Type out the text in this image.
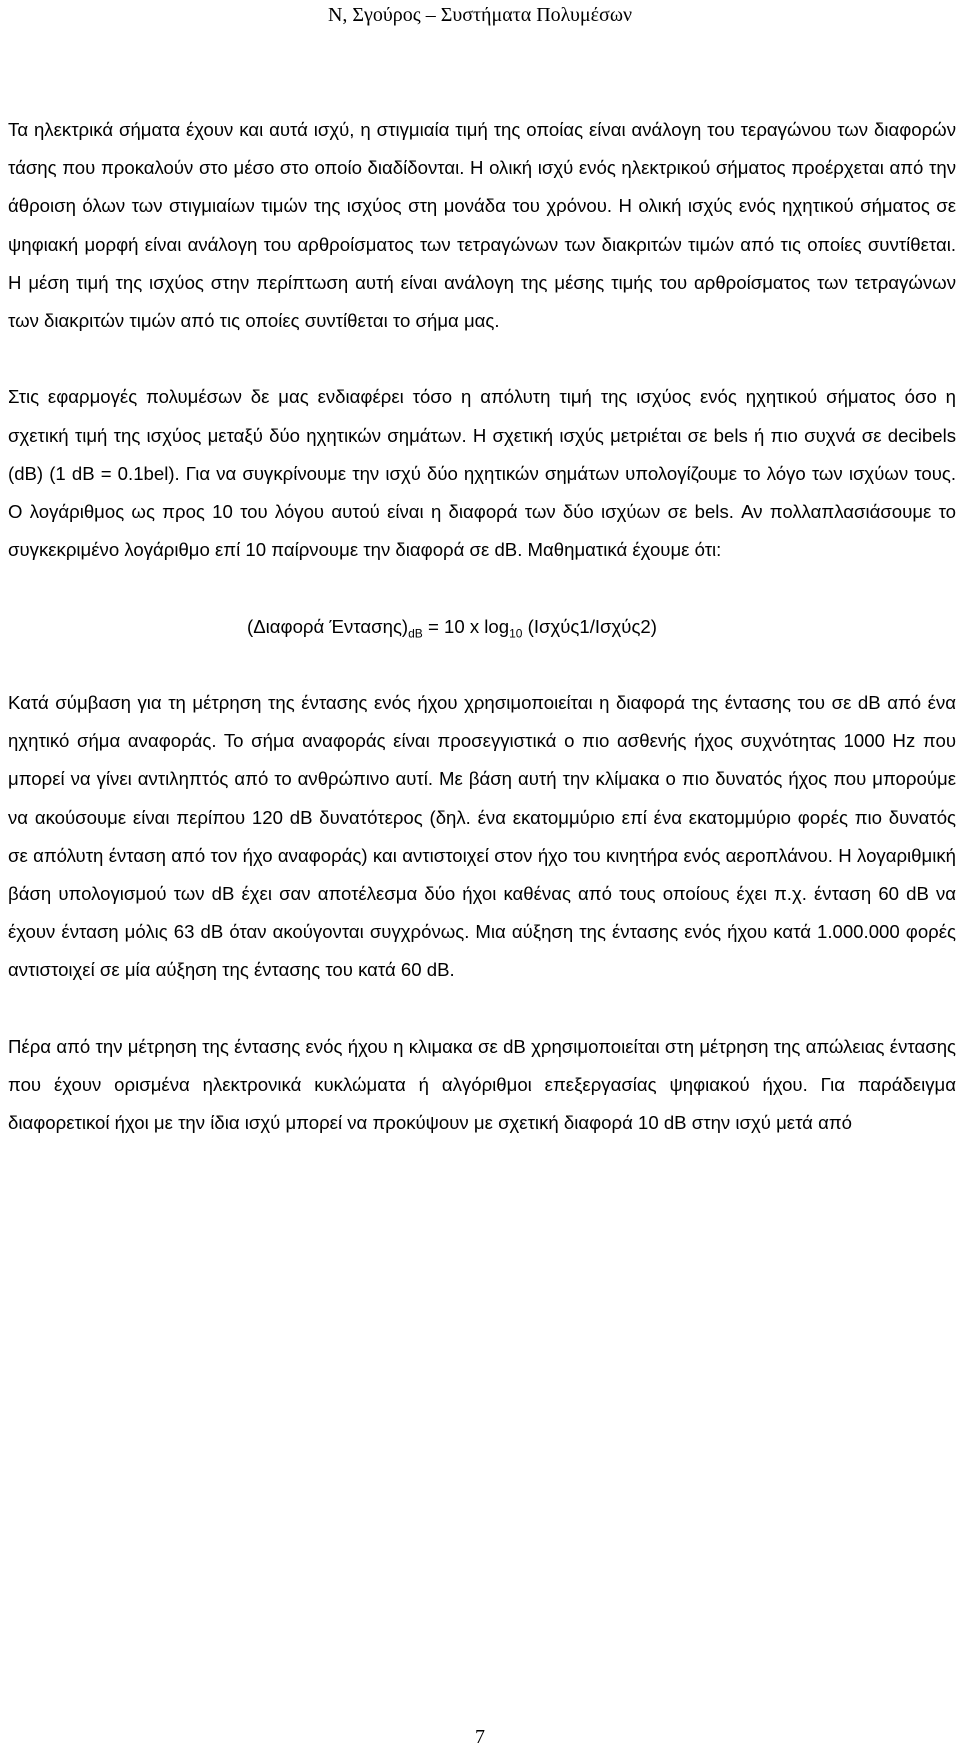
Ν, Σγούρος – Συστήματα Πολυμέσων

Τα ηλεκτρικά σήματα έχουν και αυτά ισχύ, η στιγμιαία τιμή της οποίας είναι ανάλογη του τεραγώνου των διαφορών τάσης που προκαλούν στο μέσο στο οποίο διαδίδονται. Η ολική ισχύ ενός ηλεκτρικού σήματος προέρχεται από την άθροιση όλων των στιγμιαίων τιμών της ισχύος στη μονάδα του χρόνου. Η ολική ισχύς ενός ηχητικού σήματος σε ψηφιακή μορφή είναι ανάλογη του αρθροίσματος των τετραγώνων των διακριτών τιμών από τις οποίες συντίθεται. Η μέση τιμή της ισχύος στην περίπτωση αυτή είναι ανάλογη της μέσης τιμής του αρθροίσματος των τετραγώνων των διακριτών τιμών από τις οποίες συντίθεται το σήμα μας.

Στις εφαρμογές πολυμέσων δε μας ενδιαφέρει τόσο η απόλυτη τιμή της ισχύος ενός ηχητικού σήματος όσο η σχετική τιμή της ισχύος μεταξύ δύο ηχητικών σημάτων. Η σχετική ισχύς μετριέται σε bels ή πιο συχνά σε decibels (dB) (1 dB = 0.1bel). Για να συγκρίνουμε την ισχύ δύο ηχητικών σημάτων υπολογίζουμε το λόγο των ισχύων τους. Ο λογάριθμος ως προς 10 του λόγου αυτού είναι η διαφορά των δύο ισχύων σε bels. Αν πολλαπλασιάσουμε το συγκεκριμένο λογάριθμο επί 10 παίρνουμε την διαφορά σε dB. Μαθηματικά έχουμε ότι:

(Διαφορά $Έ\nu\tau\alpha\sigma\eta\varsigma)_{dB} = 10$ x $\log_{10} (I\sigma\chi ύ\varsigma 1/I\sigma\chi ύ\varsigma 2)$

Κατά σύμβαση για τη μέτρηση της έντασης ενός ήχου χρησιμοποιείται η διαφορά της έντασης του σε dB από ένα ηχητικό σήμα αναφοράς. Το σήμα αναφοράς είναι προσεγγιστικά ο πιο ασθενής ήχος συχνότητας 1000 Hz που μπορεί να γίνει αντιληπτός από το ανθρώπινο αυτί. Με βάση αυτή την κλίμακα ο πιο δυνατός ήχος που μπορούμε να ακούσουμε είναι περίπου 120 dB δυνατότερος (δηλ. ένα εκατομμύριο επί ένα εκατομμύριο φορές πιο δυνατός σε απόλυτη ένταση από τον ήχο αναφοράς) και αντιστοιχεί στον ήχο του κινητήρα ενός αεροπλάνου. Η λογαριθμική βάση υπολογισμού των dB έχει σαν αποτέλεσμα δύο ήχοι καθένας από τους οποίους έχει π.χ. ένταση 60 dB να έχουν ένταση μόλις 63 dB όταν ακούγονται συγχρόνως. Μια αύξηση της έντασης ενός ήχου κατά 1.000.000 φορές αντιστοιχεί σε μία αύξηση της έντασης του κατά 60 dB.

Πέρα από την μέτρηση της έντασης ενός ήχου η κλιμακα σε dB χρησιμοποιείται στη μέτρηση της απώλειας έντασης που έχουν ορισμένα ηλεκτρονικά κυκλώματα ή αλγόριθμοι επεξεργασίας ψηφιακού ήχου. Για παράδειγμα διαφορετικοί ήχοι με την ίδια ισχύ μπορεί να προκύψουν με σχετική διαφορά 10 dB στην ισχύ μετά από

7
